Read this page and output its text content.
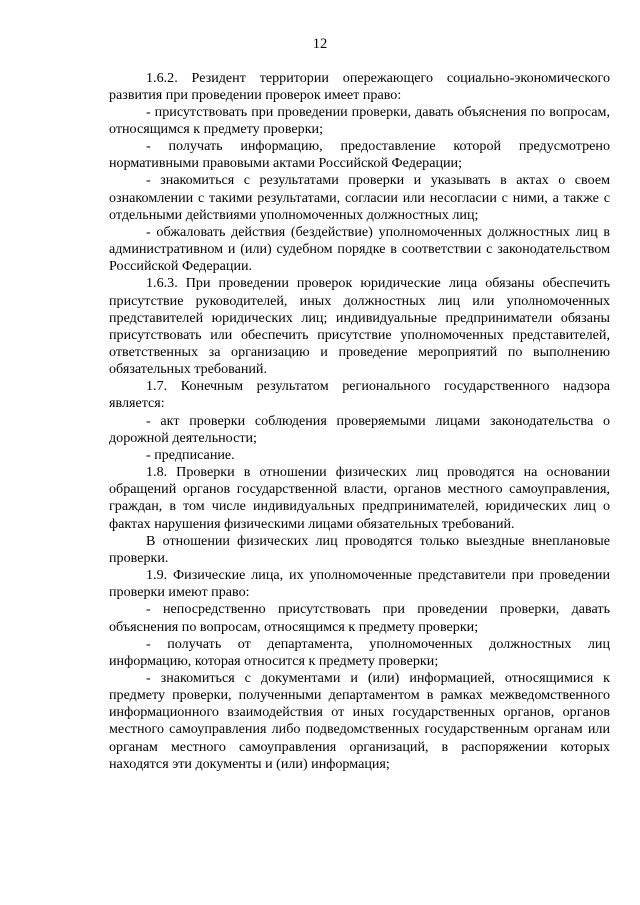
12

1.6.2. Резидент территории опережающего социально-экономического развития при проведении проверок имеет право:

- присутствовать при проведении проверки, давать объяснения по вопросам, относящимся к предмету проверки;

- получать информацию, предоставление которой предусмотрено нормативными правовыми актами Российской Федерации;

- знакомиться с результатами проверки и указывать в актах о своем ознакомлении с такими результатами, согласии или несогласии с ними, а также с отдельными действиями уполномоченных должностных лиц;

- обжаловать действия (бездействие) уполномоченных должностных лиц в административном и (или) судебном порядке в соответствии с законодательством Российской Федерации.

1.6.3. При проведении проверок юридические лица обязаны обеспечить присутствие руководителей, иных должностных лиц или уполномоченных представителей юридических лиц; индивидуальные предприниматели обязаны присутствовать или обеспечить присутствие уполномоченных представителей, ответственных за организацию и проведение мероприятий по выполнению обязательных требований.

1.7. Конечным результатом регионального государственного надзора является:

- акт проверки соблюдения проверяемыми лицами законодательства о дорожной деятельности;

- предписание.

1.8. Проверки в отношении физических лиц проводятся на основании обращений органов государственной власти, органов местного самоуправления, граждан, в том числе индивидуальных предпринимателей, юридических лиц о фактах нарушения физическими лицами обязательных требований.

В отношении физических лиц проводятся только выездные внеплановые проверки.

1.9. Физические лица, их уполномоченные представители при проведении проверки имеют право:

- непосредственно присутствовать при проведении проверки, давать объяснения по вопросам, относящимся к предмету проверки;

- получать от департамента, уполномоченных должностных лиц информацию, которая относится к предмету проверки;

- знакомиться с документами и (или) информацией, относящимися к предмету проверки, полученными департаментом в рамках межведомственного информационного взаимодействия от иных государственных органов, органов местного самоуправления либо подведомственных государственным органам или органам местного самоуправления организаций, в распоряжении которых находятся эти документы и (или) информация;
